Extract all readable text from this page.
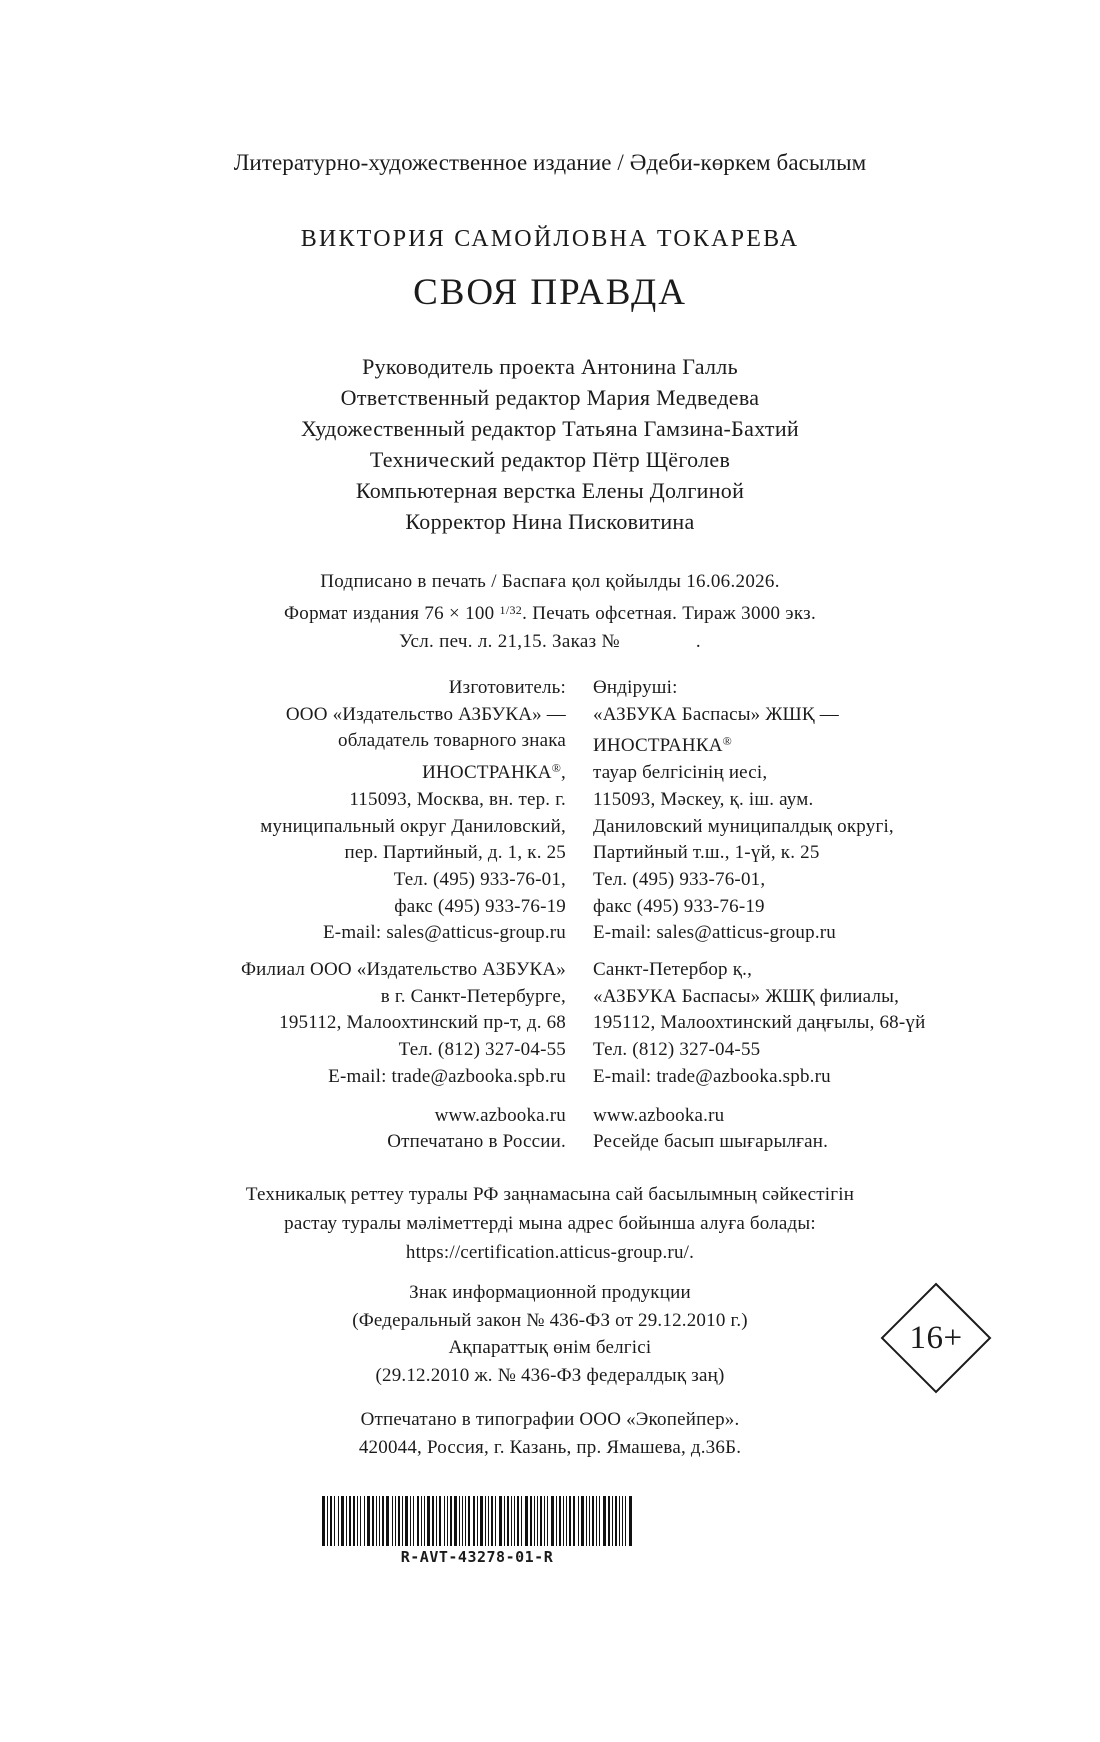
Литературно-художественное издание / Әдеби-көркем басылым
ВИКТОРИЯ САМОЙЛОВНА ТОКАРЕВА
СВОЯ ПРАВДА
Руководитель проекта Антонина Галль
Ответственный редактор Мария Медведева
Художественный редактор Татьяна Гамзина-Бахтий
Технический редактор Пётр Щёголев
Компьютерная верстка Елены Долгиной
Корректор Нина Писковитина
Подписано в печать / Баспаға қол қойылды 16.06.2026.
Формат издания 76 × 100 $^{1/32}$. Печать офсетная. Тираж 3000 экз.
Усл. печ. л. 21,15. Заказ №	.
Изготовитель:
ООО «Издательство АЗБУКА» —
обладатель товарного знака
ИНОСТРАНКА®,
115093, Москва, вн. тер. г.
муниципальный округ Даниловский,
пер. Партийный, д. 1, к. 25
Тел. (495) 933-76-01,
факс (495) 933-76-19
E-mail: sales@atticus-group.ru
Филиал ООО «Издательство АЗБУКА»
в г. Санкт-Петербурге,
195112, Малоохтинский пр-т, д. 68
Тел. (812) 327-04-55
E-mail: trade@azbooka.spb.ru
www.azbooka.ru
Отпечатано в России.
Өндіруші:
«АЗБУКА Баспасы» ЖШҚ —
ИНОСТРАНКА®
тауар белгісінің иесі,
115093, Мәскеу, қ. іш. аум.
Даниловский муниципалдық округі,
Партийный т.ш., 1-үй, к. 25
Тел. (495) 933-76-01,
факс (495) 933-76-19
E-mail: sales@atticus-group.ru
Санкт-Петербор қ.,
«АЗБУКА Баспасы» ЖШҚ филиалы,
195112, Малоохтинский даңғылы, 68-үй
Тел. (812) 327-04-55
E-mail: trade@azbooka.spb.ru
www.azbooka.ru
Ресейде басып шығарылған.
Техникалық реттеу туралы РФ заңнамасына сай басылымның сәйкестігін
растау туралы мәліметтерді мына адрес бойынша алуға болады:
https://certification.atticus-group.ru/.
Знак информационной продукции
(Федеральный закон № 436-ФЗ от 29.12.2010 г.)
Ақпараттық өнім белгісі
(29.12.2010 ж. № 436-ФЗ федералдық заң)
16+
Отпечатано в типографии ООО «Экопейпер».
420044, Россия, г. Казань, пр. Ямашева, д.36Б.
R-AVT-43278-01-R
